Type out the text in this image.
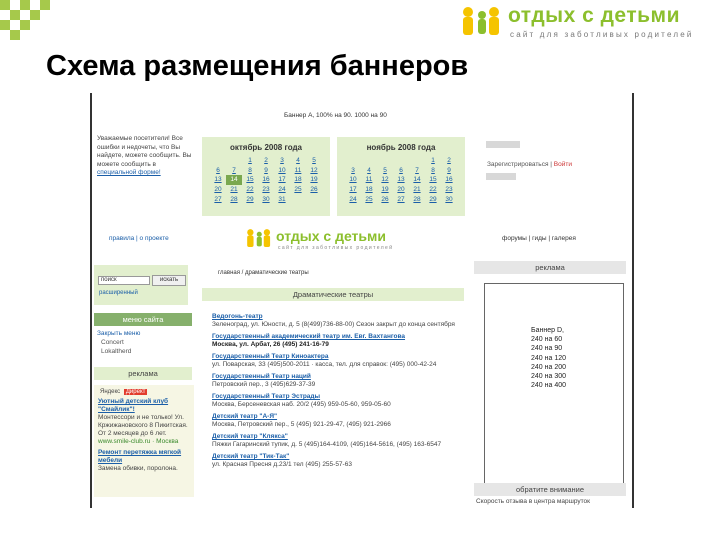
отдых с детьми
сайт для заботливых родителей
Схема размещения баннеров
Баннер А, 100% на 90. 1000 на 90
Уважаемые посетители! Все ошибки и недочеты, что Вы найдете, можете сообщить. Вы можете сообщить в специальной форме!
октябрь 2008 года
		1	2	3	4	5
6	7	8	9	10	11	12
13	14	15	16	17	18	19
20	21	22	23	24	25	26
27	28	29	30	31		
ноябрь 2008 года
					1	2
3	4	5	6	7	8	9
10	11	12	13	14	15	16
17	18	19	20	21	22	23
24	25	26	27	28	29	30
Зарегистрироваться | Войти
правила | о проекте	отдых с детьми
сайт для заботливых родителей
форумы | гиды | галерея
поиск	искать
расширенный
главная / драматические театры
Драматические театры
реклама
меню сайта
Закрыть меню
Concert
Lokaltherd
реклама
Яндекс Директ
Уютный детский клуб "Смайлик"!
Монтессори и не только! Ул. Кржижановского 8 Пикитская. От 2 месяцев до 6 лет.
www.smile-club.ru · Москва
Ремонт перетяжка мягкой мебели
Замена обивки, поролона.
Ведогонь-театр
Зеленоград, ул. Юности, д. 5 (8(499)736-88-00) Сезон закрыт до конца сентября
Государственный академический театр им. Евг. Вахтангова
Москва, ул. Арбат, 26 (495) 241-16-79
Государственный Театр Киноактера
ул. Поварская, 33 (495)500-2011 · касса, тел. для справок: (495) 000-42-24
Государственный Театр наций
Петровский пер., 3 (495)629-37-39
Государственный Театр Эстрады
Москва, Берсеневская наб. 20/2 (495) 959-05-60, 959-05-60
Детский театр "А-Я"
Москва, Петровский пер., 5 (495) 921-29-47, (495) 921-2966
Детский театр "Кляксa"
Пяжки Гагаринский тупик, д. 5 (495)164-4109, (495)164-5616, (495) 163-6547
Детский театр "Тик-Так"
ул. Красная Пресня д.23/1 тел (495) 255-57-63
Баннер D,
240 на 60
240 на 90
240 на 120
240 на 200
240 на 300
240 на 400
обратите внимание
Скорость отзыва в центра маршруток
